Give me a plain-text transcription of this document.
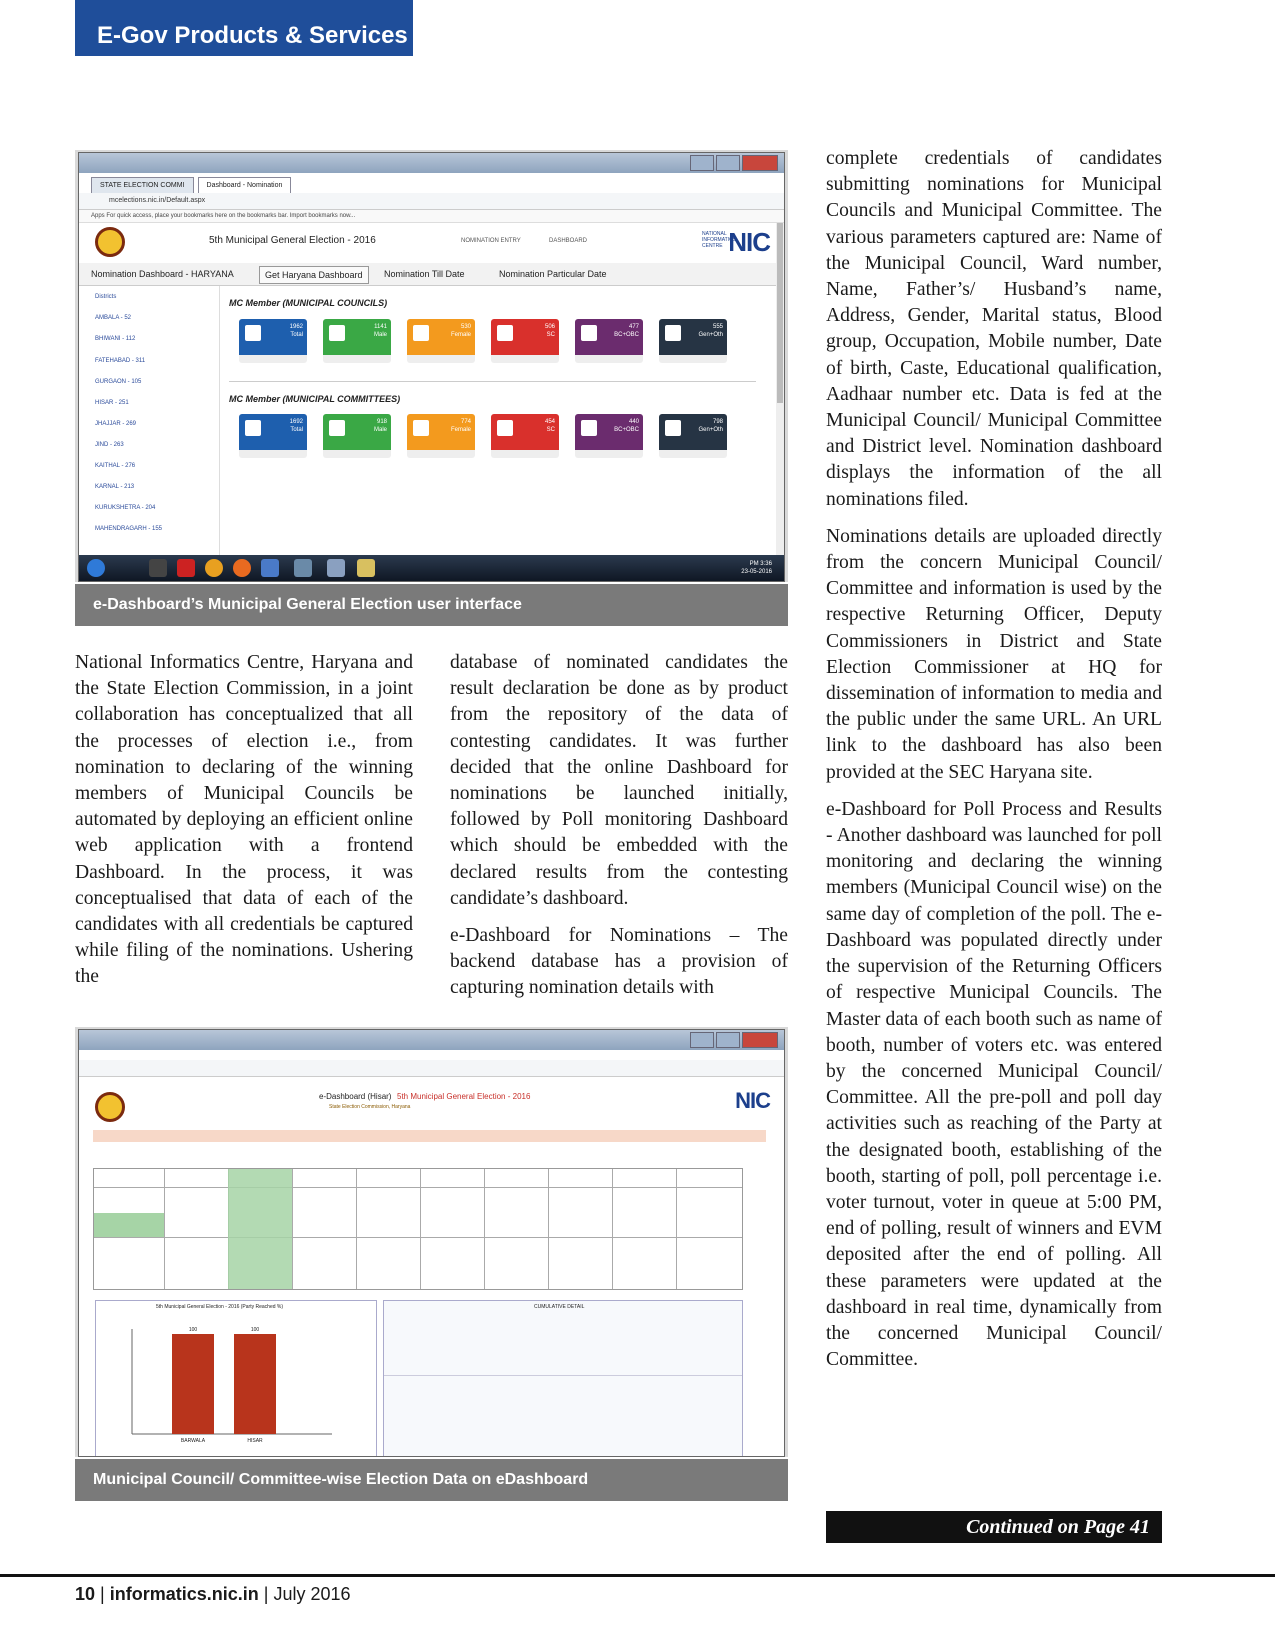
E-Gov Products & Services
STATE ELECTION COMMI	Dashboard - Nomination
mcelections.nic.in/Default.aspx
Apps For quick access, place your bookmarks here on the bookmarks bar. Import bookmarks now...
5th Municipal General Election - 2016	NOMINATION ENTRY	DASHBOARD
NATIONAL INFORMATICS CENTRE NIC
Nomination Dashboard - HARYANA	Get Haryana Dashboard	Nomination Till Date	Nomination Particular Date
Districts
AMBALA - 52
BHIWANI - 112
FATEHABAD - 311
GURGAON - 105
HISAR - 251
JHAJJAR - 269
JIND - 263
KAITHAL - 276
KARNAL - 213
KURUKSHETRA - 204
MAHENDRAGARH - 155
MC Member (MUNICIPAL COUNCILS)
1962
Total
1141
Male
530
Female
506
SC
477
BC+OBC
555
Gen+Oth
MC Member (MUNICIPAL COMMITTEES)
1692
Total
918
Male
774
Female
454
SC
440
BC+OBC
798
Gen+Oth
PM 3:36
23-05-2016
e-Dashboard’s Municipal General Election user interface
e-Dashboard (Hisar) 5th Municipal General Election - 2016
State Election Commission, Haryana	NIC
5th Municipal General Election - 2016 (Party Reached %)
BARWALA
100
HISAR
100
CUMULATIVE DETAIL
Municipal Council/ Committee-wise Election Data on eDashboard

National Informatics Centre, Haryana and the State Election Commission, in a joint collaboration has conceptualized that all the processes of election i.e., from nomination to declaring of the winning members of Municipal Councils be automated by deploying an efficient online web application with a frontend Dashboard. In the process, it was conceptualised that data of each of the candidates with all credentials be captured while filing of the nominations. Ushering the

database of nominated candidates the result declaration be done as by product from the repository of the data of contesting candidates. It was further decided that the online Dashboard for nominations be launched initially, followed by Poll monitoring Dashboard which should be embedded with the declared results from the contesting candidate’s dashboard.

e-Dashboard for Nominations – The backend database has a provision of capturing nomination details with

complete credentials of candidates submitting nominations for Municipal Councils and Municipal Committee. The various parameters captured are: Name of the Municipal Council, Ward number, Name, Father’s/ Husband’s name, Address, Gender, Marital status, Blood group, Occupation, Mobile number, Date of birth, Caste, Educational qualification, Aadhaar number etc. Data is fed at the Municipal Council/ Municipal Committee and District level. Nomination dashboard displays the information of the all nominations filed.

Nominations details are uploaded directly from the concern Municipal Council/ Committee and information is used by the respective Returning Officer, Deputy Commissioners in District and State Election Commissioner at HQ for dissemination of information to media and the public under the same URL. An URL link to the dashboard has also been provided at the SEC Haryana site.

e-Dashboard for Poll Process and Results - Another dashboard was launched for poll monitoring and declaring the winning members (Municipal Council wise) on the same day of completion of the poll. The e-Dashboard was populated directly under the supervision of the Returning Officers of respective Municipal Councils. The Master data of each booth such as name of booth, number of voters etc. was entered by the concerned Municipal Council/ Committee. All the pre-poll and poll day activities such as reaching of the Party at the designated booth, establishing of the booth, starting of poll, poll percentage i.e. voter turnout, voter in queue at 5:00 PM, end of polling, result of winners and EVM deposited after the end of polling. All these parameters were updated at the dashboard in real time, dynamically from the concerned Municipal Council/ Committee.

Continued on Page 41
10 | informatics.nic.in | July 2016
